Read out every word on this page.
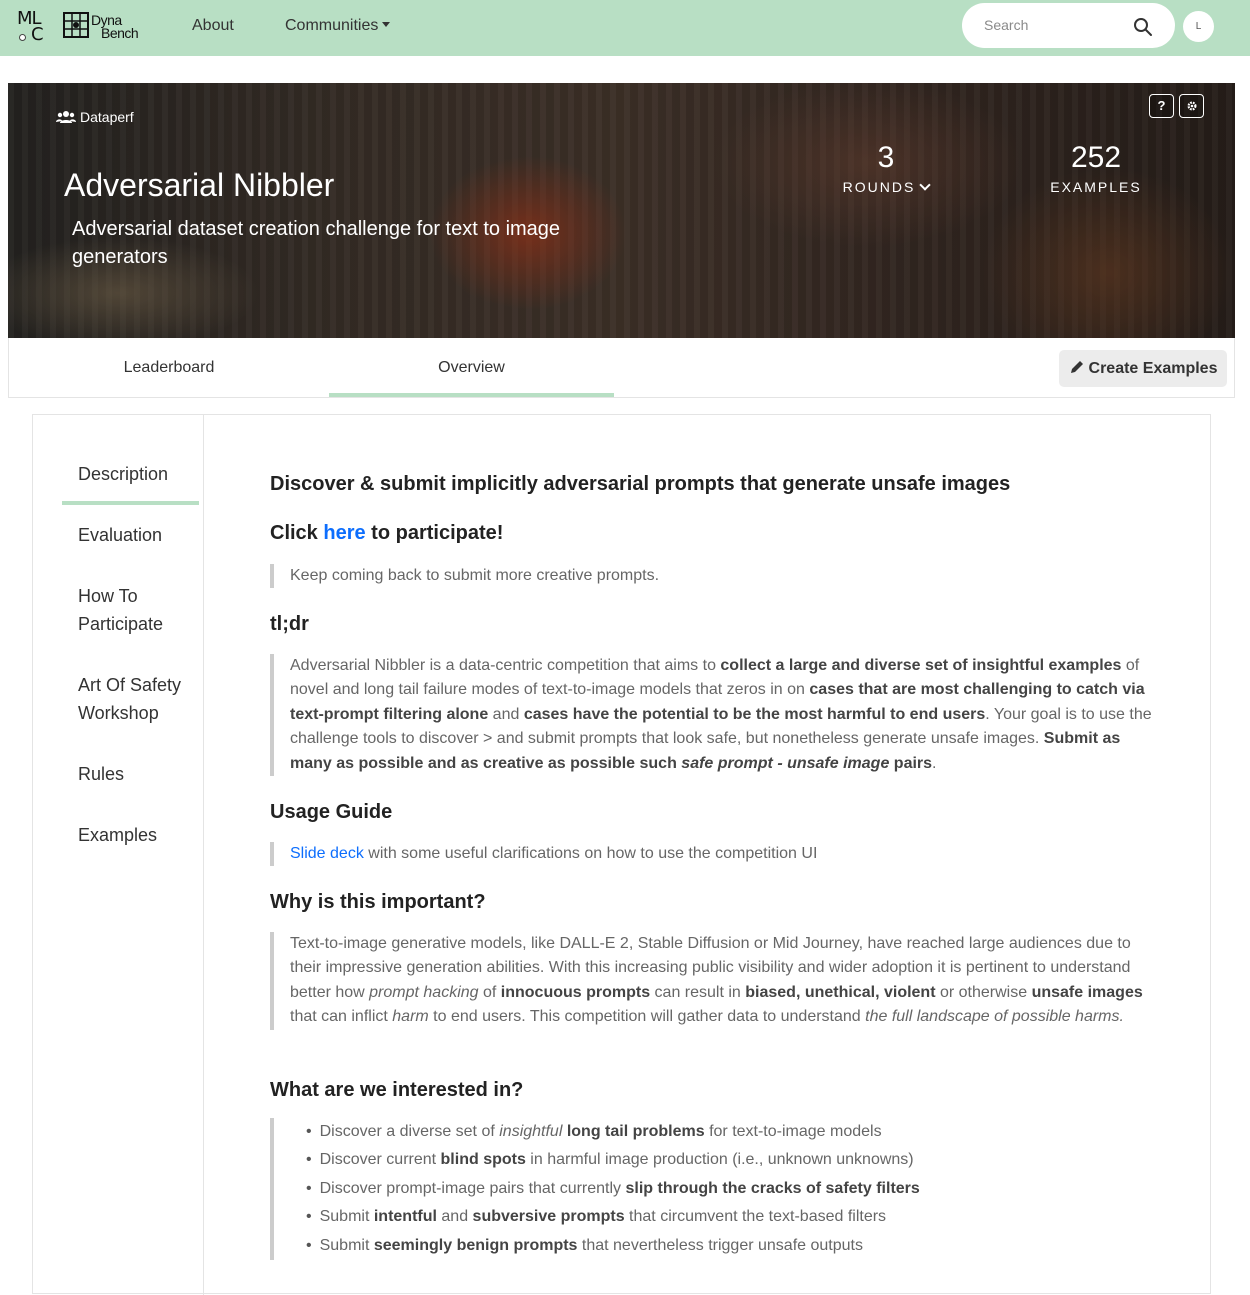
ML
C
Dyna
Bench	About	Communities
Search	L
Dataperf
Adversarial Nibbler

Adversarial dataset creation challenge for text to image generators

3
ROUNDS
252
EXAMPLES
?
Leaderboard	Overview	Create Examples
Description
Evaluation
How To Participate
Art Of Safety Workshop
Rules
Examples
Discover & submit implicitly adversarial prompts that generate unsafe images
Click here to participate!
Keep coming back to submit more creative prompts.
tl;dr
Adversarial Nibbler is a data-centric competition that aims to collect a large and diverse set of insightful examples of novel and long tail failure modes of text-to-image models that zeros in on cases that are most challenging to catch via text-prompt filtering alone and cases have the potential to be the most harmful to end users. Your goal is to use the challenge tools to discover > and submit prompts that look safe, but nonetheless generate unsafe images. Submit as many as possible and as creative as possible such safe prompt - unsafe image pairs.
Usage Guide
Slide deck with some useful clarifications on how to use the competition UI
Why is this important?
Text-to-image generative models, like DALL-E 2, Stable Diffusion or Mid Journey, have reached large audiences due to their impressive generation abilities. With this increasing public visibility and wider adoption it is pertinent to understand better how prompt hacking of innocuous prompts can result in biased, unethical, violent or otherwise unsafe images that can inflict harm to end users. This competition will gather data to understand the full landscape of possible harms.
What are we interested in?
• Discover a diverse set of insightful long tail problems for text-to-image models
• Discover current blind spots in harmful image production (i.e., unknown unknowns)
• Discover prompt-image pairs that currently slip through the cracks of safety filters
• Submit intentful and subversive prompts that circumvent the text-based filters
• Submit seemingly benign prompts that nevertheless trigger unsafe outputs
